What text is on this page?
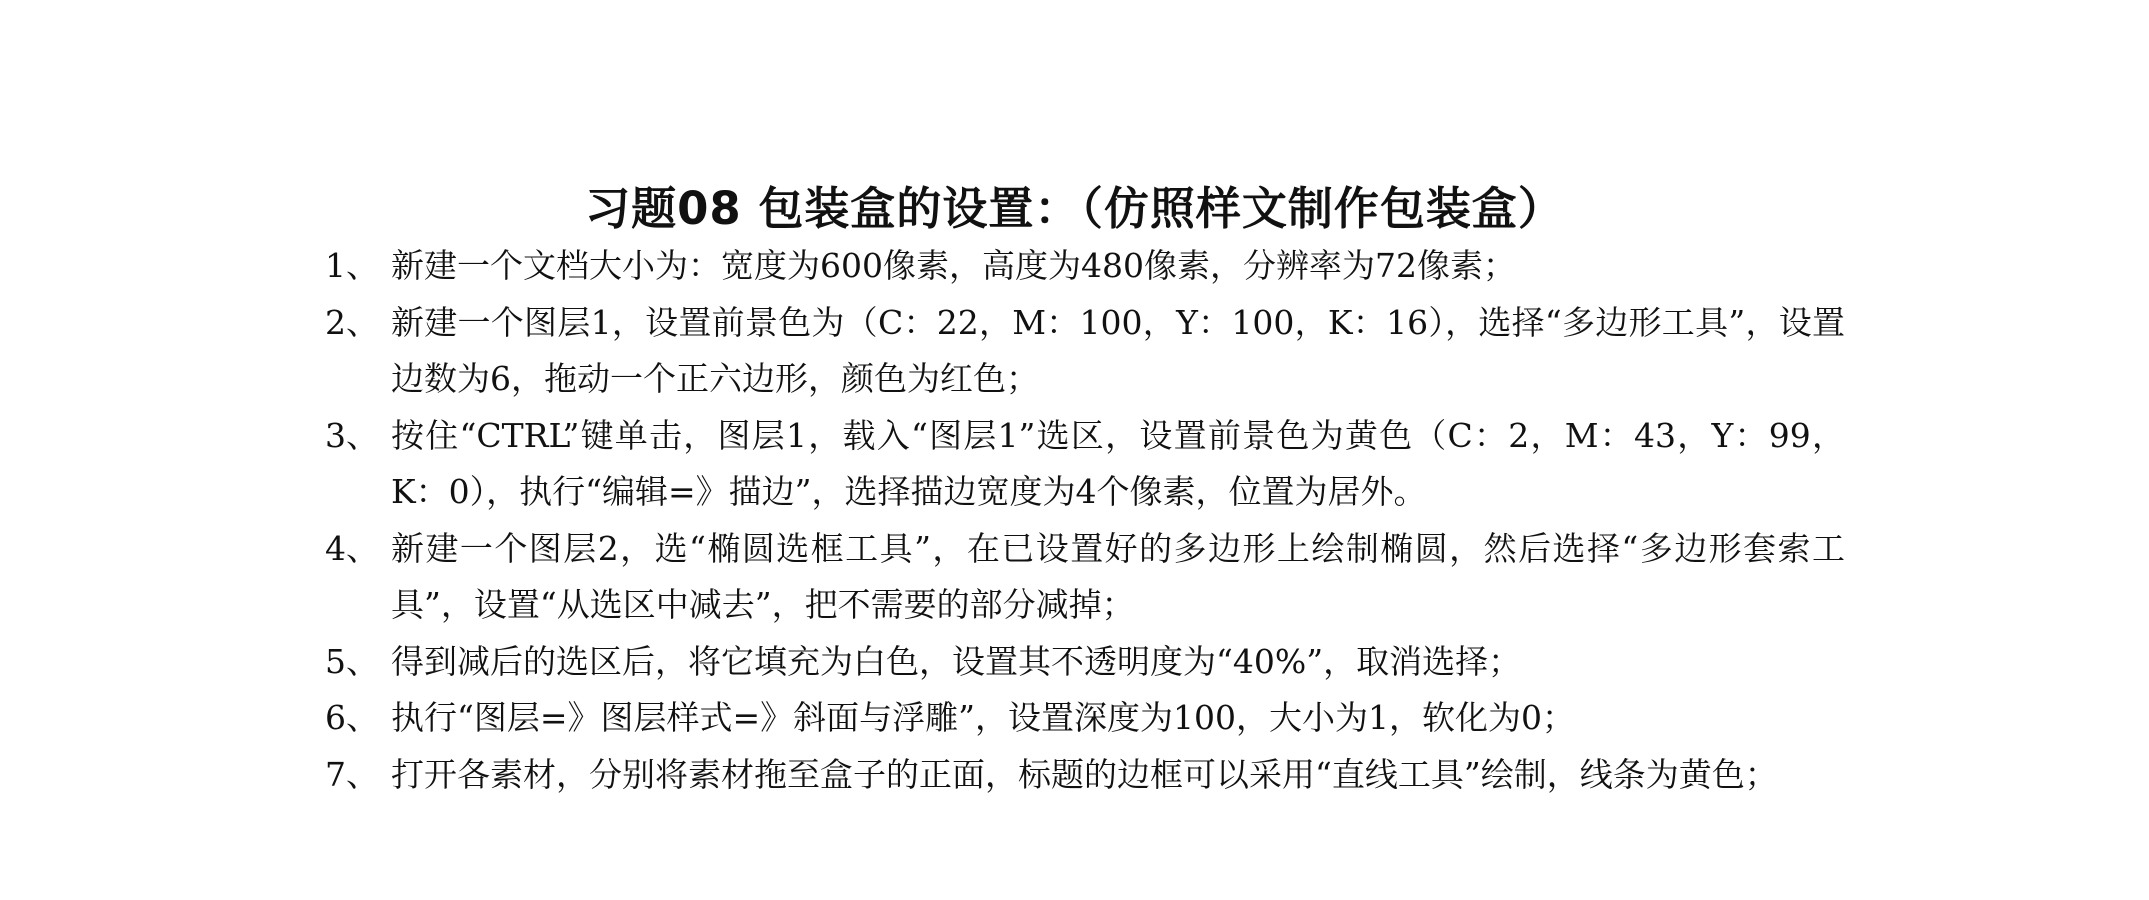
习题08 包装盒的设置：（仿照样文制作包装盒）
1、 新建一个文档大小为：宽度为600像素，高度为480像素，分辨率为72像素；
2、 新建一个图层1，设置前景色为（C：22，M：100，Y：100，K：16），选择“多边形工具”，设置边数为6，拖动一个正六边形，颜色为红色；
3、 按住“CTRL”键单击，图层1，载入“图层1”选区，设置前景色为黄色（C：2，M：43，Y：99，K：0），执行“编辑=》描边”，选择描边宽度为4个像素，位置为居外。
4、 新建一个图层2，选“椭圆选框工具”，在已设置好的多边形上绘制椭圆，然后选择“多边形套索工具”，设置“从选区中减去”，把不需要的部分减掉；
5、 得到减后的选区后，将它填充为白色，设置其不透明度为“40%”，取消选择；
6、 执行“图层=》图层样式=》斜面与浮雕”，设置深度为100，大小为1，软化为0；
7、 打开各素材，分别将素材拖至盒子的正面，标题的边框可以采用“直线工具”绘制，线条为黄色；
